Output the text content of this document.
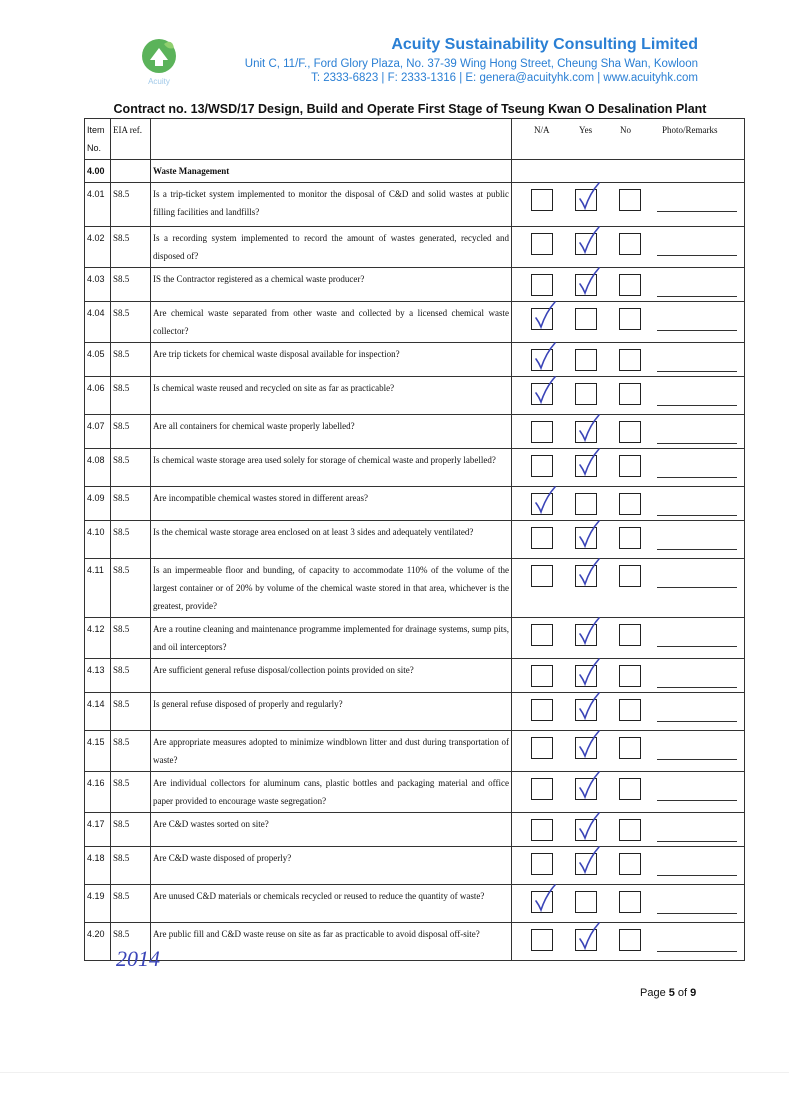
Acuity
Acuity Sustainability Consulting Limited
Unit C, 11/F., Ford Glory Plaza, No. 37-39 Wing Hong Street, Cheung Sha Wan, Kowloon
T: 2333-6823 | F: 2333-1316 | E: genera@acuityhk.com | www.acuityhk.com
Contract no. 13/WSD/17 Design, Build and Operate First Stage of Tseung Kwan O Desalination Plant
Item No.	EIA ref.		N/A Yes No Photo/Remarks

4.00		Waste Management	
4.01	S8.5	Is a trip-ticket system implemented to monitor the disposal of C&D and solid wastes at public filling facilities and landfills?	

4.02	S8.5	Is a recording system implemented to record the amount of wastes generated, recycled and disposed of?	

4.03	S8.5	IS the Contractor registered as a chemical waste producer?	

4.04	S8.5	Are chemical waste separated from other waste and collected by a licensed chemical waste collector?	

4.05	S8.5	Are trip tickets for chemical waste disposal available for inspection?	

4.06	S8.5	Is chemical waste reused and recycled on site as far as practicable?	

4.07	S8.5	Are all containers for chemical waste properly labelled?	

4.08	S8.5	Is chemical waste storage area used solely for storage of chemical waste and properly labelled?	

4.09	S8.5	Are incompatible chemical wastes stored in different areas?	

4.10	S8.5	Is the chemical waste storage area enclosed on at least 3 sides and adequately ventilated?	

4.11	S8.5	Is an impermeable floor and bunding, of capacity to accommodate 110% of the volume of the largest container or of 20% by volume of the chemical waste stored in that area, whichever is the greatest, provide?	

4.12	S8.5	Are a routine cleaning and maintenance programme implemented for drainage systems, sump pits, and oil interceptors?	

4.13	S8.5	Are sufficient general refuse disposal/collection points provided on site?	

4.14	S8.5	Is general refuse disposed of properly and regularly?	

4.15	S8.5	Are appropriate measures adopted to minimize windblown litter and dust during transportation of waste?	

4.16	S8.5	Are individual collectors for aluminum cans, plastic bottles and packaging material and office paper provided to encourage waste segregation?	

4.17	S8.5	Are C&D wastes sorted on site?	

4.18	S8.5	Are C&D waste disposed of properly?	

4.19	S8.5	Are unused C&D materials or chemicals recycled or reused to reduce the quantity of waste?	

4.20	S8.5	Are public fill and C&D waste reuse on site as far as practicable to avoid disposal off-site?	
2014
Page 5 of 9
